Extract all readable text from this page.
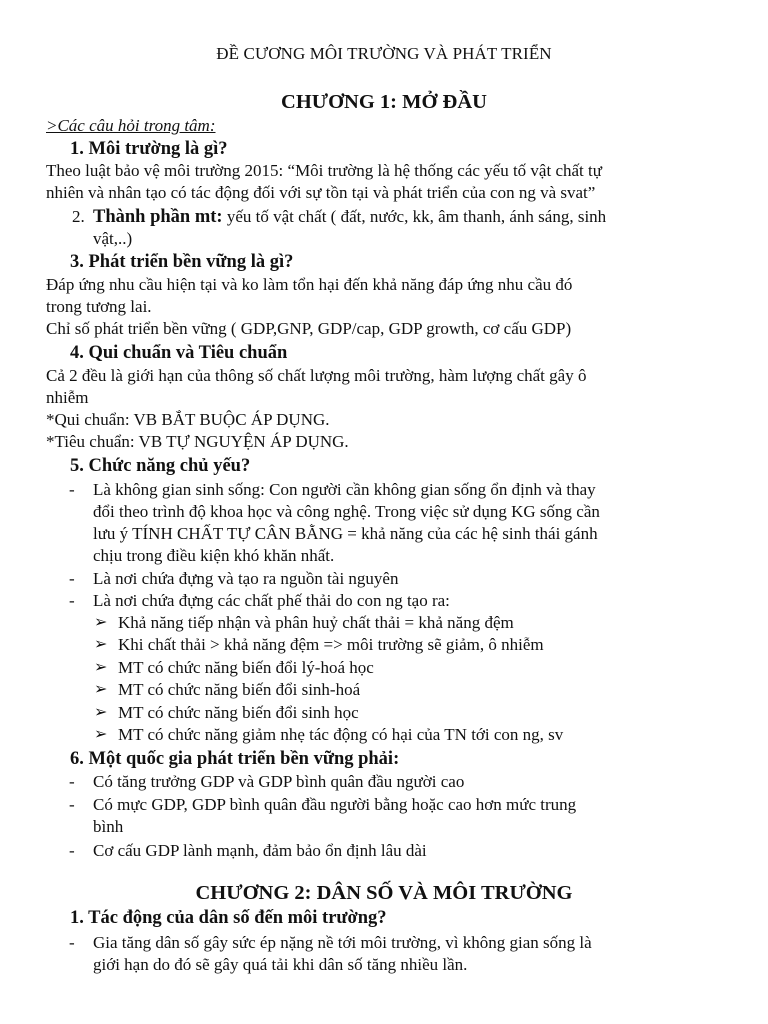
ĐỀ CƯƠNG MÔI TRƯỜNG VÀ PHÁT TRIỂN
CHƯƠNG 1: MỞ ĐẦU
>Các câu hỏi trong tâm:
1. Môi trường là gì?
Theo luật bảo vệ môi trường 2015: “Môi trường là hệ thống các yếu tố vật chất tự
nhiên và nhân tạo có tác động đối với sự tồn tại và phát triển của con ng và svat”
2. Thành phần mt: yếu tố vật chất ( đất, nước, kk, âm thanh, ánh sáng, sinh
vật,..)
3. Phát triển bền vững là gì?
Đáp ứng nhu cầu hiện tại và ko làm tổn hại đến khả năng đáp ứng nhu cầu đó
trong tương lai.
Chỉ số phát triển bền vững ( GDP,GNP, GDP/cap, GDP growth, cơ cấu GDP)
4. Qui chuẩn và Tiêu chuẩn
Cả 2 đều là giới hạn của thông số chất lượng môi trường, hàm lượng chất gây ô
nhiễm
*Qui chuẩn: VB BẮT BUỘC ÁP DỤNG.
*Tiêu chuẩn: VB TỰ NGUYỆN ÁP DỤNG.
5. Chức năng chủ yếu?
-	Là không gian sinh sống: Con người cần không gian sống ổn định và thay
đổi theo trình độ khoa học và công nghệ. Trong việc sử dụng KG sống cần
lưu ý TÍNH CHẤT TỰ CÂN BẰNG = khả năng của các hệ sinh thái gánh
chịu trong điều kiện khó khăn nhất.
-	Là nơi chứa đựng và tạo ra nguồn tài nguyên
-	Là nơi chứa đựng các chất phế thải do con ng tạo ra:
➢ Khả năng tiếp nhận và phân huỷ chất thải = khả năng đệm
➢ Khi chất thải > khả năng đệm => môi trường sẽ giảm, ô nhiễm
➢ MT có chức năng biến đổi lý-hoá học
➢ MT có chức năng biến đổi sinh-hoá
➢ MT có chức năng biến đổi sinh học
➢ MT có chức năng giảm nhẹ tác động có hại của TN tới con ng, sv
6. Một quốc gia phát triển bền vững phải:
-	Có tăng trưởng GDP và GDP bình quân đầu người cao
-	Có mực GDP, GDP bình quân đầu người bằng hoặc cao hơn mức trung
bình
-	Cơ cấu GDP lành mạnh, đảm bảo ổn định lâu dài
CHƯƠNG 2: DÂN SỐ VÀ MÔI TRƯỜNG
1. Tác động của dân số đến môi trường?
-	Gia tăng dân số gây sức ép nặng nề tới môi trường, vì không gian sống là
giới hạn do đó sẽ gây quá tải khi dân số tăng nhiều lần.
